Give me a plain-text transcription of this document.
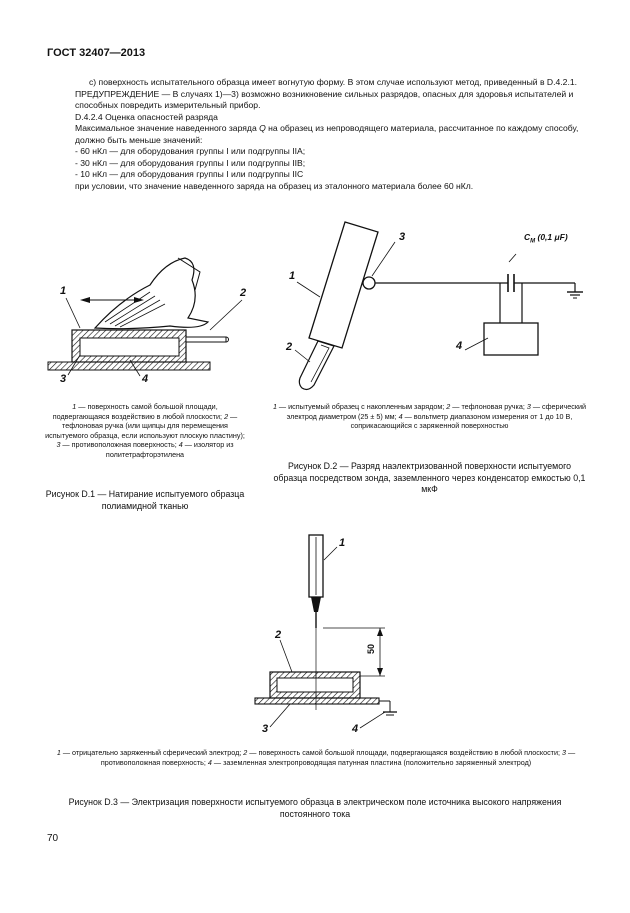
ГОСТ 32407—2013

с) поверхность испытательного образца имеет вогнутую форму. В этом случае используют метод, приведенный в D.4.2.1.

ПРЕДУПРЕЖДЕНИЕ — В случаях 1)—3) возможно возникновение сильных разрядов, опасных для здоровья испытателей и способных повредить измерительный прибор.

D.4.2.4 Оценка опасностей разряда

Максимальное значение наведенного заряда Q на образец из непроводящего материала, рассчитанное по каждому способу, должно быть меньше значений:

- 60 нКл — для оборудования группы I или подгруппы IIA;

- 30 нКл — для оборудования группы I или подгруппы IIB;

- 10 нКл — для оборудования группы I или подгруппы IIC

при условии, что значение наведенного заряда на образец из эталонного материала более 60 нКл.

1	2
3	4
1 — поверхность самой большой площади, подвергающаяся воздействию в любой плоскости; 2 — тефлоновая ручка (или щипцы для перемещения испытуемого образца, если используют плоскую пластину); 3 — противоположная поверхность; 4 — изолятор из политетрафторэтилена
Рисунок D.1 — Натирание испытуемого образца полиамидной тканью
1
2
3
4
$C_M$ (0,1 μF)
1 — испытуемый образец с накопленным зарядом; 2 — тефлоновая ручка; 3 — сферический электрод диаметром (25 ± 5) мм; 4 — вольтметр диапазоном измерения от 1 до 10 В, соприкасающийся с заряженной поверхностью
Рисунок D.2 — Разряд наэлектризованной поверхности испытуемого образца посредством зонда, заземленного через конденсатор емкостью 0,1 мкФ
1
2
3	4
50
1 — отрицательно заряженный сферический электрод; 2 — поверхность самой большой площади, подвергающаяся воздействию в любой плоскости; 3 — противоположная поверхность; 4 — заземленная электропроводящая патунная пластина (положительно заряженный электрод)
Рисунок D.3 — Электризация поверхности испытуемого образца в электрическом поле источника высокого напряжения постоянного тока
70
